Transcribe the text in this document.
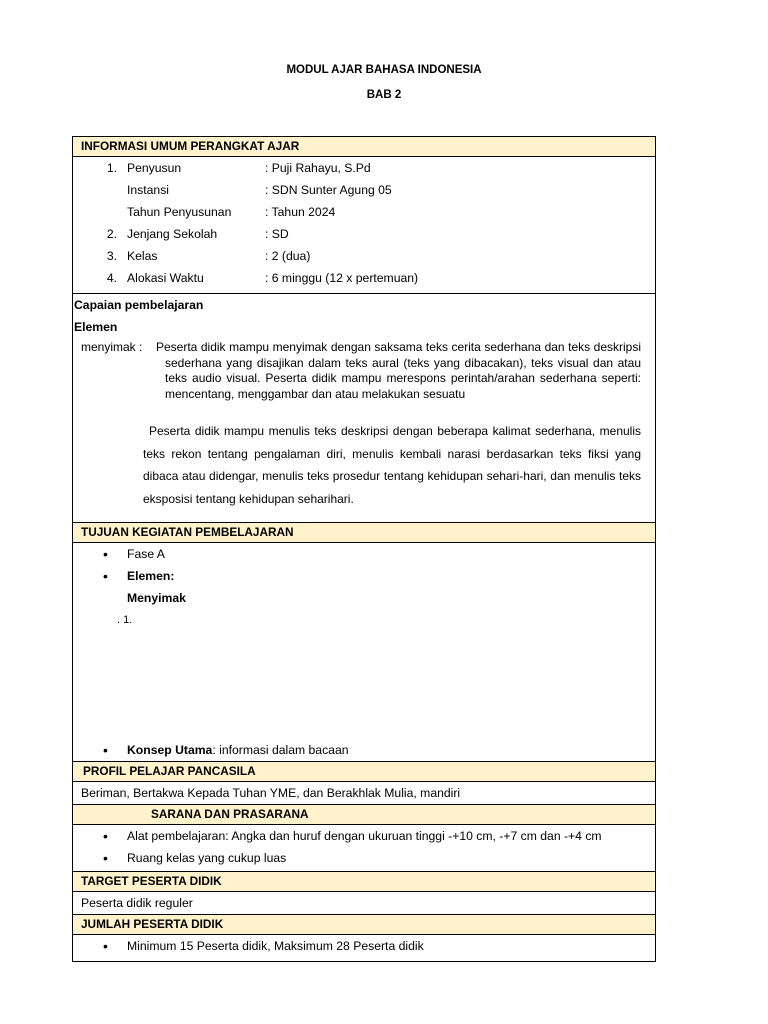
MODUL AJAR BAHASA INDONESIA
BAB 2
INFORMASI UMUM PERANGKAT AJAR

1. Penyusun	: Puji Rahayu, S.Pd
Instansi	: SDN Sunter Agung 05
Tahun Penyusunan	: Tahun 2024
2. Jenjang Sekolah	: SD
3. Kelas	: 2 (dua)
4. Alokasi Waktu	: 6 minggu (12 x pertemuan)

Capaian pembelajaran
Elemen
menyimak : Peserta didik mampu menyimak dengan saksama teks cerita sederhana dan teks deskripsi sederhana yang disajikan dalam teks aural (teks yang dibacakan), teks visual dan atau teks audio visual. Peserta didik mampu merespons perintah/arahan sederhana seperti: mencentang, menggambar dan atau melakukan sesuatu
Peserta didik mampu menulis teks deskripsi dengan beberapa kalimat sederhana, menulis teks rekon tentang pengalaman diri, menulis kembali narasi berdasarkan teks fiksi yang dibaca atau didengar, menulis teks prosedur tentang kehidupan sehari-hari, dan menulis teks eksposisi tentang kehidupan seharihari.

TUJUAN KEGIATAN PEMBELAJARAN

• Fase A
• Elemen:
Menyimak
. 1.
• Konsep Utama: informasi dalam bacaan

PROFIL PELAJAR PANCASILA

Beriman, Bertakwa Kepada Tuhan YME, dan Berakhlak Mulia, mandiri

SARANA DAN PRASARANA

• Alat pembelajaran: Angka dan huruf dengan ukuruan tinggi -+10 cm, -+7 cm dan -+4 cm
• Ruang kelas yang cukup luas

TARGET PESERTA DIDIK

Peserta didik reguler

JUMLAH PESERTA DIDIK

• Minimum 15 Peserta didik, Maksimum 28 Peserta didik
